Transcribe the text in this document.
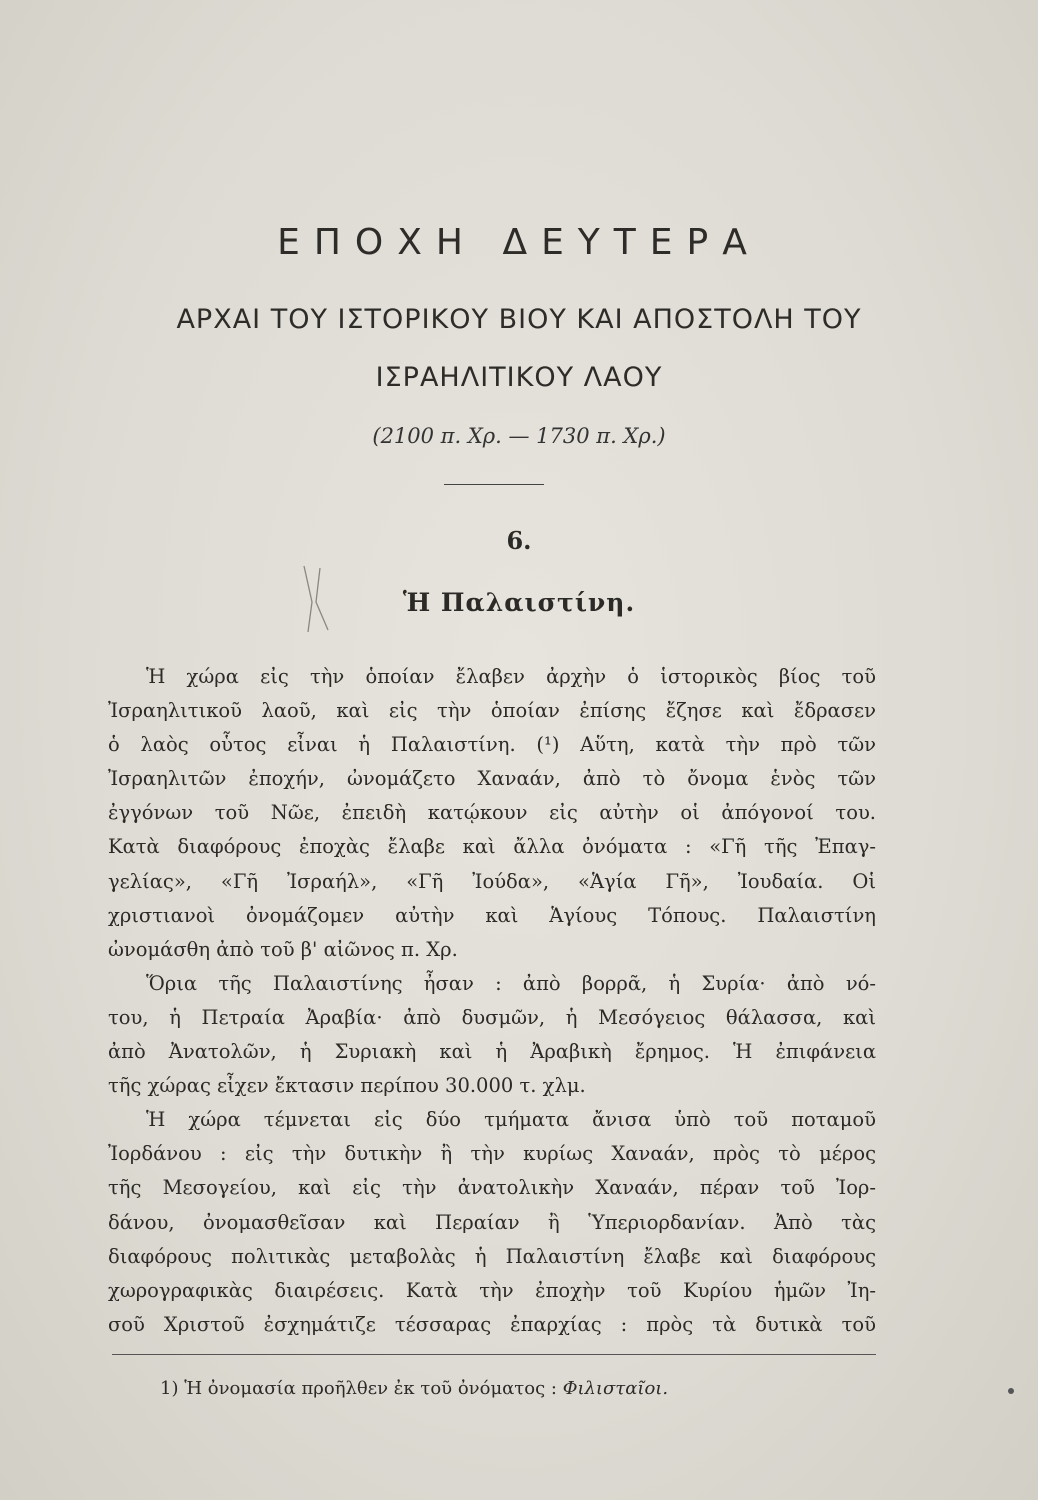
ΕΠΟΧΗ ΔΕΥΤΕΡΑ
ΑΡΧΑΙ ΤΟΥ ΙΣΤΟΡΙΚΟΥ ΒΙΟΥ ΚΑΙ ΑΠΟΣΤΟΛΗ ΤΟΥ
ΙΣΡΑΗΛΙΤΙΚΟΥ ΛΑΟΥ
(2100 π. Χρ. — 1730 π. Χρ.)
6.
Ἡ Παλαιστίνη.
Ἡ χώρα εἰς τὴν ὁποίαν ἔλαβεν ἀρχὴν ὁ ἱστορικὸς βίος τοῦ
Ἰσραηλιτικοῦ λαοῦ, καὶ εἰς τὴν ὁποίαν ἐπίσης ἔζησε καὶ ἔδρασεν
ὁ λαὸς οὗτος εἶναι ἡ Παλαιστίνη. (¹) Αὕτη, κατὰ τὴν πρὸ τῶν
Ἰσραηλιτῶν ἐποχήν, ὠνομάζετο Χαναάν, ἀπὸ τὸ ὄνομα ἑνὸς τῶν
ἐγγόνων τοῦ Νῶε, ἐπειδὴ κατῴκουν εἰς αὐτὴν οἱ ἀπόγονοί του.
Κατὰ διαφόρους ἐποχὰς ἔλαβε καὶ ἄλλα ὀνόματα : «Γῆ τῆς Ἐπαγ-
γελίας», «Γῆ Ἰσραήλ», «Γῆ Ἰούδα», «Ἁγία Γῆ», Ἰουδαία. Οἱ
χριστιανοὶ ὀνομάζομεν αὐτὴν καὶ Ἁγίους Τόπους. Παλαιστίνη
ὠνομάσθη ἀπὸ τοῦ β' αἰῶνος π. Χρ.
Ὅρια τῆς Παλαιστίνης ἦσαν : ἀπὸ βορρᾶ, ἡ Συρία· ἀπὸ νό-
του, ἡ Πετραία Ἀραβία· ἀπὸ δυσμῶν, ἡ Μεσόγειος θάλασσα, καὶ
ἀπὸ Ἀνατολῶν, ἡ Συριακὴ καὶ ἡ Ἀραβικὴ ἔρημος. Ἡ ἐπιφάνεια
τῆς χώρας εἶχεν ἔκτασιν περίπου 30.000 τ. χλμ.
Ἡ χώρα τέμνεται εἰς δύο τμήματα ἄνισα ὑπὸ τοῦ ποταμοῦ
Ἰορδάνου : εἰς τὴν δυτικὴν ἢ τὴν κυρίως Χαναάν, πρὸς τὸ μέρος
τῆς Μεσογείου, καὶ εἰς τὴν ἀνατολικὴν Χαναάν, πέραν τοῦ Ἰορ-
δάνου, ὀνομασθεῖσαν καὶ Περαίαν ἢ Ὑπεριορδανίαν. Ἀπὸ τὰς
διαφόρους πολιτικὰς μεταβολὰς ἡ Παλαιστίνη ἔλαβε καὶ διαφόρους
χωρογραφικὰς διαιρέσεις. Κατὰ τὴν ἐποχὴν τοῦ Κυρίου ἡμῶν Ἰη-
σοῦ Χριστοῦ ἐσχημάτιζε τέσσαρας ἐπαρχίας : πρὸς τὰ δυτικὰ τοῦ
1) Ἡ ὀνομασία προῆλθεν ἐκ τοῦ ὀνόματος : Φιλισταῖοι.
